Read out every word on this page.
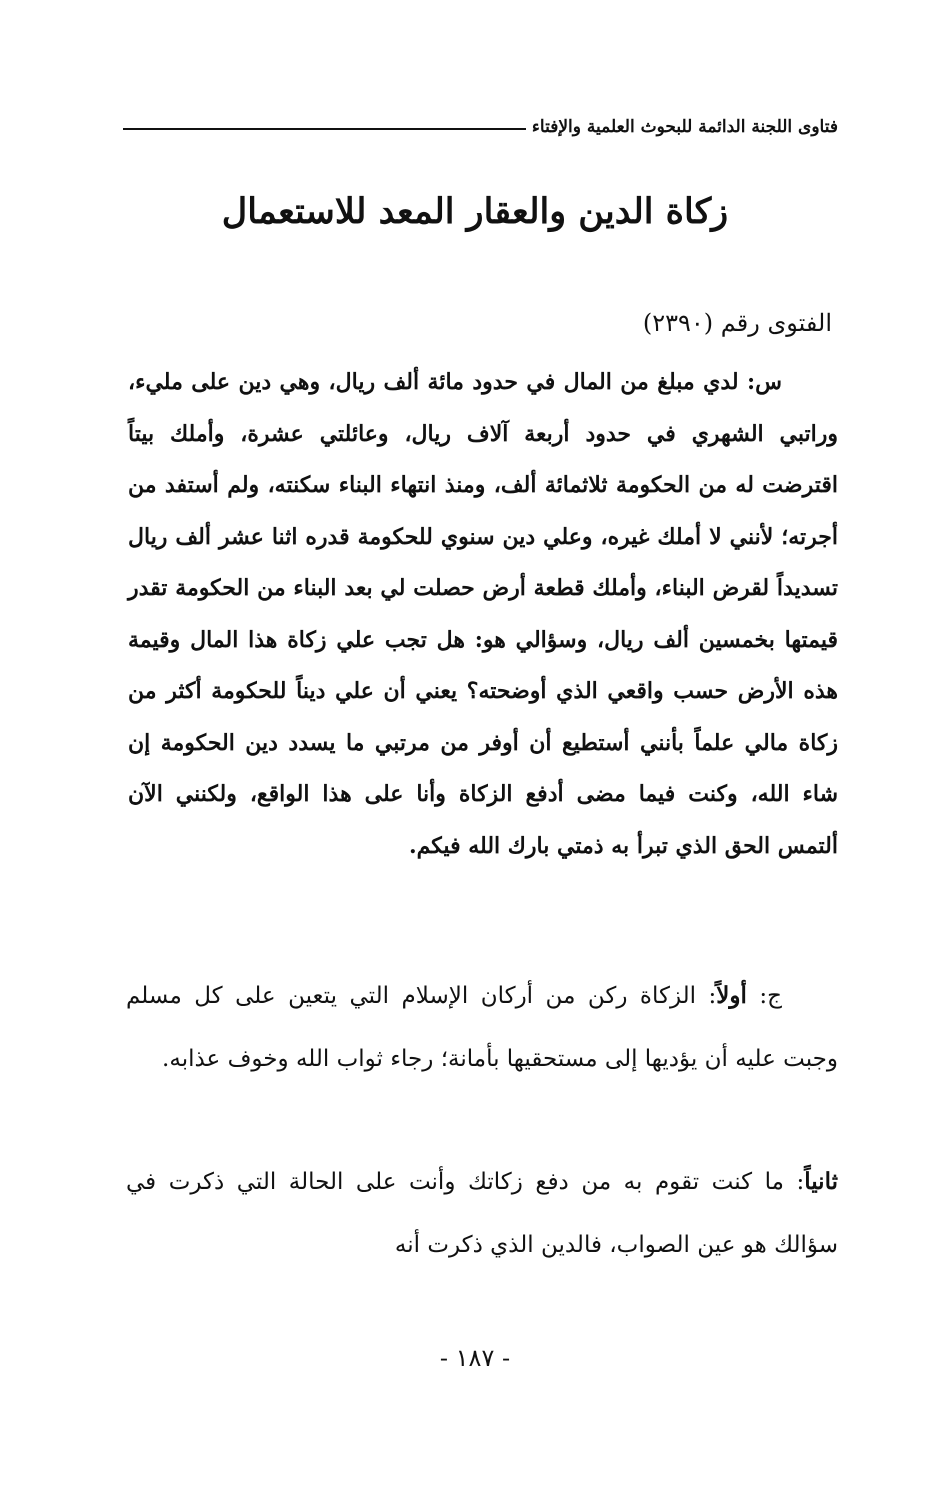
فتاوى اللجنة الدائمة للبحوث العلمية والإفتاء
زكاة الدين والعقار المعد للاستعمال
الفتوى رقم (٢٣٩٠)
س: لدي مبلغ من المال في حدود مائة ألف ريال، وهي دين على مليء، وراتبي الشهري في حدود أربعة آلاف ريال، وعائلتي عشرة، وأملك بيتاً اقترضت له من الحكومة ثلاثمائة ألف، ومنذ انتهاء البناء سكنته، ولم أستفد من أجرته؛ لأنني لا أملك غيره، وعلي دين سنوي للحكومة قدره اثنا عشر ألف ريال تسديداً لقرض البناء، وأملك قطعة أرض حصلت لي بعد البناء من الحكومة تقدر قيمتها بخمسين ألف ريال، وسؤالي هو: هل تجب علي زكاة هذا المال وقيمة هذه الأرض حسب واقعي الذي أوضحته؟ يعني أن علي ديناً للحكومة أكثر من زكاة مالي علماً بأنني أستطيع أن أوفر من مرتبي ما يسدد دين الحكومة إن شاء الله، وكنت فيما مضى أدفع الزكاة وأنا على هذا الواقع، ولكنني الآن ألتمس الحق الذي تبرأ به ذمتي بارك الله فيكم.
ج: أولاً: الزكاة ركن من أركان الإسلام التي يتعين على كل مسلم وجبت عليه أن يؤديها إلى مستحقيها بأمانة؛ رجاء ثواب الله وخوف عذابه.
ثانياً: ما كنت تقوم به من دفع زكاتك وأنت على الحالة التي ذكرت في سؤالك هو عين الصواب، فالدين الذي ذكرت أنه
- ١٨٧ -
